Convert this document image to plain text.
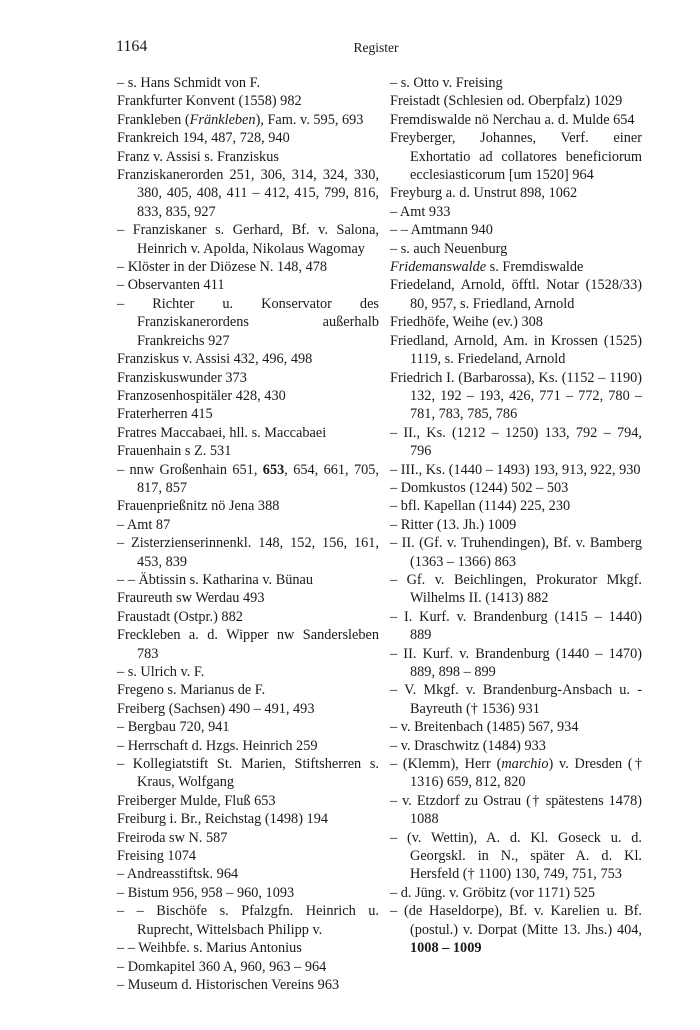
1164	Register

– s. Hans Schmidt von F.

Frankfurter Konvent (1558) 982

Frankleben (Fränkleben), Fam. v. 595, 693

Frankreich 194, 487, 728, 940

Franz v. Assisi s. Franziskus

Franziskanerorden 251, 306, 314, 324, 330, 380, 405, 408, 411 – 412, 415, 799, 816, 833, 835, 927

– Franziskaner s. Gerhard, Bf. v. Salona, Heinrich v. Apolda, Nikolaus Wagomay

– Klöster in der Diözese N. 148, 478

– Observanten 411

– Richter u. Konservator des Franziskanerordens außerhalb Frankreichs 927

Franziskus v. Assisi 432, 496, 498

Franziskuswunder 373

Franzosenhospitäler 428, 430

Fraterherren 415

Fratres Maccabaei, hll. s. Maccabaei

Frauenhain s Z. 531

– nnw Großenhain 651, 653, 654, 661, 705, 817, 857

Frauenprießnitz nö Jena 388

– Amt 87

– Zisterzienserinnenkl. 148, 152, 156, 161, 453, 839

– – Äbtissin s. Katharina v. Bünau

Fraureuth sw Werdau 493

Fraustadt (Ostpr.) 882

Freckleben a. d. Wipper nw Sandersleben 783

– s. Ulrich v. F.

Fregeno s. Marianus de F.

Freiberg (Sachsen) 490 – 491, 493

– Bergbau 720, 941

– Herrschaft d. Hzgs. Heinrich 259

– Kollegiatstift St. Marien, Stiftsherren s. Kraus, Wolfgang

Freiberger Mulde, Fluß 653

Freiburg i. Br., Reichstag (1498) 194

Freiroda sw N. 587

Freising 1074

– Andreasstiftsk. 964

– Bistum 956, 958 – 960, 1093

– – Bischöfe s. Pfalzgfn. Heinrich u. Ruprecht, Wittelsbach Philipp v.

– – Weihbfe. s. Marius Antonius

– Domkapitel 360 A, 960, 963 – 964

– Museum d. Historischen Vereins 963

– s. Otto v. Freising

Freistadt (Schlesien od. Oberpfalz) 1029

Fremdiswalde nö Nerchau a. d. Mulde 654

Freyberger, Johannes, Verf. einer Exhortatio ad collatores beneficiorum ecclesiasticorum [um 1520] 964

Freyburg a. d. Unstrut 898, 1062

– Amt 933

– – Amtmann 940

– s. auch Neuenburg

Fridemanswalde s. Fremdiswalde

Friedeland, Arnold, öfftl. Notar (1528/33) 80, 957, s. Friedland, Arnold

Friedhöfe, Weihe (ev.) 308

Friedland, Arnold, Am. in Krossen (1525) 1119, s. Friedeland, Arnold

Friedrich I. (Barbarossa), Ks. (1152 – 1190) 132, 192 – 193, 426, 771 – 772, 780 – 781, 783, 785, 786

– II., Ks. (1212 – 1250) 133, 792 – 794, 796

– III., Ks. (1440 – 1493) 193, 913, 922, 930

– Domkustos (1244) 502 – 503

– bfl. Kapellan (1144) 225, 230

– Ritter (13. Jh.) 1009

– II. (Gf. v. Truhendingen), Bf. v. Bamberg (1363 – 1366) 863

– Gf. v. Beichlingen, Prokurator Mkgf. Wilhelms II. (1413) 882

– I. Kurf. v. Brandenburg (1415 – 1440) 889

– II. Kurf. v. Brandenburg (1440 – 1470) 889, 898 – 899

– V. Mkgf. v. Brandenburg-Ansbach u. -Bayreuth († 1536) 931

– v. Breitenbach (1485) 567, 934

– v. Draschwitz (1484) 933

– (Klemm), Herr (marchio) v. Dresden († 1316) 659, 812, 820

– v. Etzdorf zu Ostrau († spätestens 1478) 1088

– (v. Wettin), A. d. Kl. Goseck u. d. Georgskl. in N., später A. d. Kl. Hersfeld († 1100) 130, 749, 751, 753

– d. Jüng. v. Gröbitz (vor 1171) 525

– (de Haseldorpe), Bf. v. Karelien u. Bf. (postul.) v. Dorpat (Mitte 13. Jhs.) 404, 1008 – 1009
